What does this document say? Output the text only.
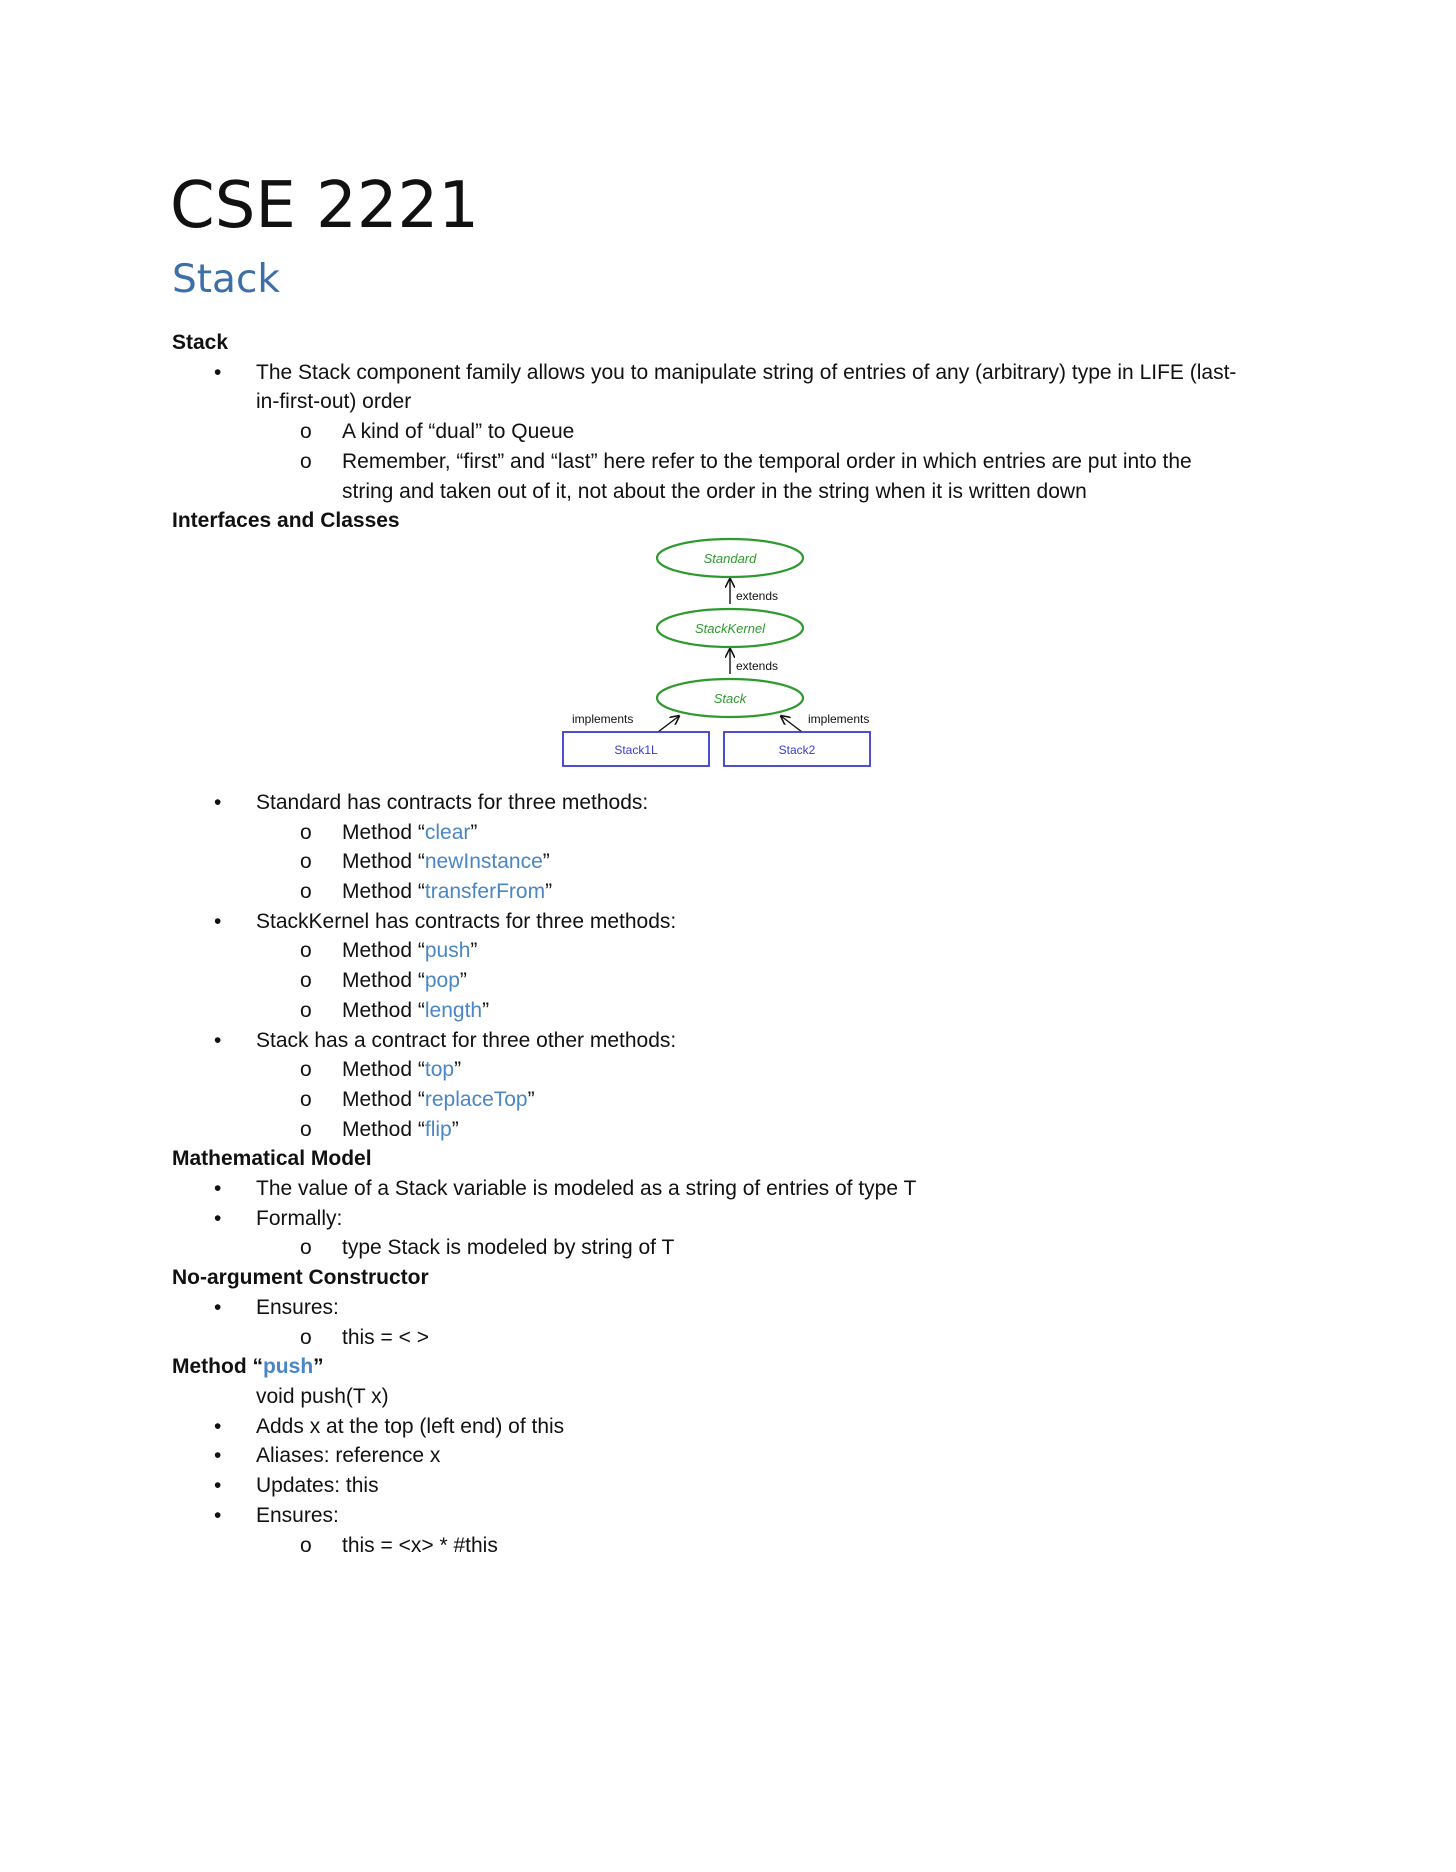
CSE 2221
Stack

Stack

• The Stack component family allows you to manipulate string of entries of any (arbitrary) type in LIFE (last-
in-first-out) order
o A kind of “dual” to Queue
o Remember, “first” and “last” here refer to the temporal order in which entries are put into the
string and taken out of it, not about the order in the string when it is written down

Interfaces and Classes

Standard
extends
StackKernel
extends
Stack
implements	implements
Stack1L	Stack2
• Standard has contracts for three methods:
o Method “clear”
o Method “newInstance”
o Method “transferFrom”
• StackKernel has contracts for three methods:
o Method “push”
o Method “pop”
o Method “length”
• Stack has a contract for three other methods:
o Method “top”
o Method “replaceTop”
o Method “flip”

Mathematical Model

• The value of a Stack variable is modeled as a string of entries of type T
• Formally:
o type Stack is modeled by string of T

No-argument Constructor

• Ensures:
o this = < >

Method “push”

void push(T x)
• Adds x at the top (left end) of this
• Aliases: reference x
• Updates: this
• Ensures:
o this = <x> * #this
